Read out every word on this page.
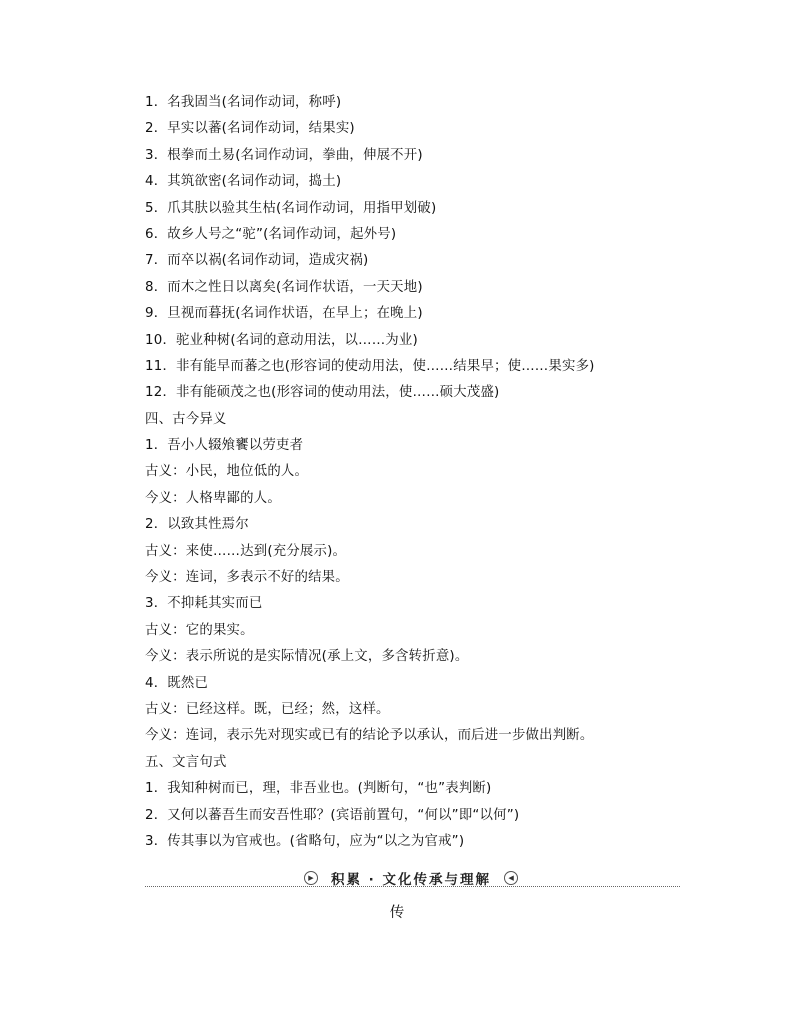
1．名我固当(名词作动词，称呼)
2．早实以蕃(名词作动词，结果实)
3．根拳而土易(名词作动词，拳曲，伸展不开)
4．其筑欲密(名词作动词，捣土)
5．爪其肤以验其生枯(名词作动词，用指甲划破)
6．故乡人号之“驼”(名词作动词，起外号)
7．而卒以祸(名词作动词，造成灾祸)
8．而木之性日以离矣(名词作状语，一天天地)
9．旦视而暮抚(名词作状语，在早上；在晚上)
10．驼业种树(名词的意动用法，以……为业)
11．非有能早而蕃之也(形容词的使动用法，使……结果早；使……果实多)
12．非有能硕茂之也(形容词的使动用法，使……硕大茂盛)
四、古今异义
1．吾小人辍飧饔以劳吏者
古义：小民，地位低的人。
今义：人格卑鄙的人。
2．以致其性焉尔
古义：来使……达到(充分展示)。
今义：连词，多表示不好的结果。
3．不抑耗其实而已
古义：它的果实。
今义：表示所说的是实际情况(承上文，多含转折意)。
4．既然已
古义：已经这样。既，已经；然，这样。
今义：连词，表示先对现实或已有的结论予以承认，而后进一步做出判断。
五、文言句式
1．我知种树而已，理，非吾业也。(判断句，“也”表判断)
2．又何以蕃吾生而安吾性耶？(宾语前置句，“何以”即“以何”)
3．传其事以为官戒也。(省略句，应为“以之为官戒”)
▶ 积累 · 文化传承与理解 ◀
传
